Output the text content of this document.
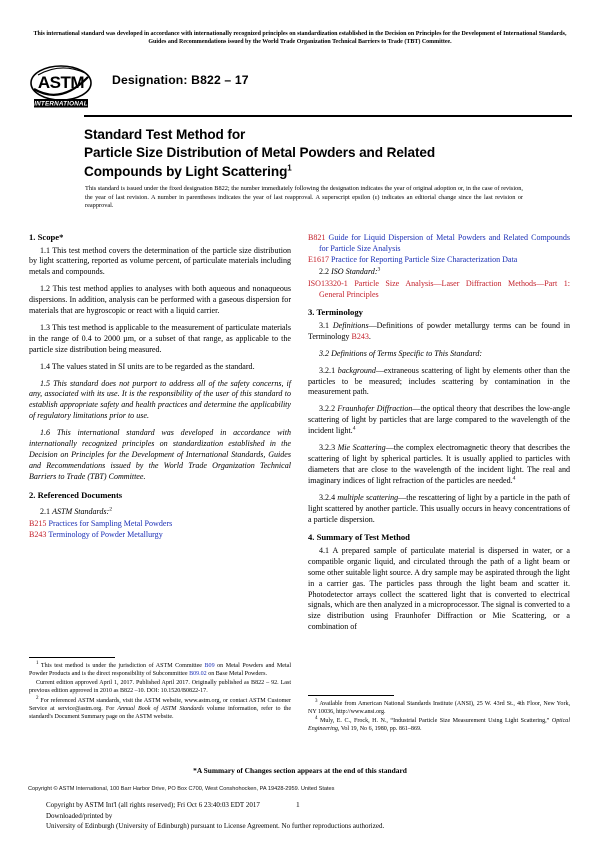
This international standard was developed in accordance with internationally recognized principles on standardization established in the Decision on Principles for the Development of International Standards, Guides and Recommendations issued by the World Trade Organization Technical Barriers to Trade (TBT) Committee.
ASTM
INTERNATIONAL
Designation: B822 – 17
Standard Test Method for
Particle Size Distribution of Metal Powders and Related
Compounds by Light Scattering$^1$
This standard is issued under the fixed designation B822; the number immediately following the designation indicates the year of original adoption or, in the case of revision, the year of last revision. A number in parentheses indicates the year of last reapproval. A superscript epsilon (ε) indicates an editorial change since the last revision or reapproval.
1. Scope*

1.1 This test method covers the determination of the particle size distribution by light scattering, reported as volume percent, of particulate materials including metals and compounds.

1.2 This test method applies to analyses with both aqueous and nonaqueous dispersions. In addition, analysis can be performed with a gaseous dispersion for materials that are hygroscopic or react with a liquid carrier.

1.3 This test method is applicable to the measurement of particulate materials in the range of 0.4 to 2000 µm, or a subset of that range, as applicable to the particle size distribution being measured.

1.4 The values stated in SI units are to be regarded as the standard.

1.5 This standard does not purport to address all of the safety concerns, if any, associated with its use. It is the responsibility of the user of this standard to establish appropriate safety and health practices and determine the applicability of regulatory limitations prior to use.

1.6 This international standard was developed in accordance with internationally recognized principles on standardization established in the Decision on Principles for the Development of International Standards, Guides and Recommendations issued by the World Trade Organization Technical Barriers to Trade (TBT) Committee.

2. Referenced Documents

2.1 ASTM Standards:$^2$

B215 Practices for Sampling Metal Powders

B243 Terminology of Powder Metallurgy

B821 Guide for Liquid Dispersion of Metal Powders and Related Compounds for Particle Size Analysis

E1617 Practice for Reporting Particle Size Characterization Data

2.2 ISO Standard:$^3$

ISO13320-1 Particle Size Analysis—Laser Diffraction Methods—Part 1: General Principles

3. Terminology

3.1 Definitions—Definitions of powder metallurgy terms can be found in Terminology B243.

3.2 Definitions of Terms Specific to This Standard:

3.2.1 background—extraneous scattering of light by elements other than the particles to be measured; includes scattering by contamination in the measurement path.

3.2.2 Fraunhofer Diffraction—the optical theory that describes the low-angle scattering of light by particles that are large compared to the wavelength of the incident light.$^4$

3.2.3 Mie Scattering—the complex electromagnetic theory that describes the scattering of light by spherical particles. It is usually applied to particles with diameters that are close to the wavelength of the incident light. The real and imaginary indices of light refraction of the particles are needed.$^4$

3.2.4 multiple scattering—the rescattering of light by a particle in the path of light scattered by another particle. This usually occurs in heavy concentrations of a particle dispersion.

4. Summary of Test Method

4.1 A prepared sample of particulate material is dispersed in water, or a compatible organic liquid, and circulated through the path of a light beam or some other suitable light source. A dry sample may be aspirated through the light in a carrier gas. The particles pass through the light beam and scatter it. Photodetector arrays collect the scattered light that is converted to electrical signals, which are then analyzed in a microprocessor. The signal is converted to a size distribution using Fraunhofer Diffraction or Mie Scattering, or a combination of

$^1$ This test method is under the jurisdiction of ASTM Committee B09 on Metal Powders and Metal Powder Products and is the direct responsibility of Subcommittee B09.02 on Base Metal Powders.

Current edition approved April 1, 2017. Published April 2017. Originally published as B822 – 92. Last previous edition approved in 2010 as B822 –10. DOI: 10.1520/B0822-17.

$^2$ For referenced ASTM standards, visit the ASTM website, www.astm.org, or contact ASTM Customer Service at service@astm.org. For Annual Book of ASTM Standards volume information, refer to the standard's Document Summary page on the ASTM website.

$^3$ Available from American National Standards Institute (ANSI), 25 W. 43rd St., 4th Floor, New York, NY 10036, http://www.ansi.org.

$^4$ Muly, E. C., Frock, H. N., “Industrial Particle Size Measurement Using Light Scattering,” Optical Engineering, Vol 19, No 6, 1980, pp. 861–869.

*A Summary of Changes section appears at the end of this standard
Copyright © ASTM International, 100 Barr Harbor Drive, PO Box C700, West Conshohocken, PA 19428-2959. United States
Copyright by ASTM Int'l (all rights reserved); Fri Oct 6 23:40:03 EDT 2017
Downloaded/printed by
University of Edinburgh (University of Edinburgh) pursuant to License Agreement. No further reproductions authorized.
1
